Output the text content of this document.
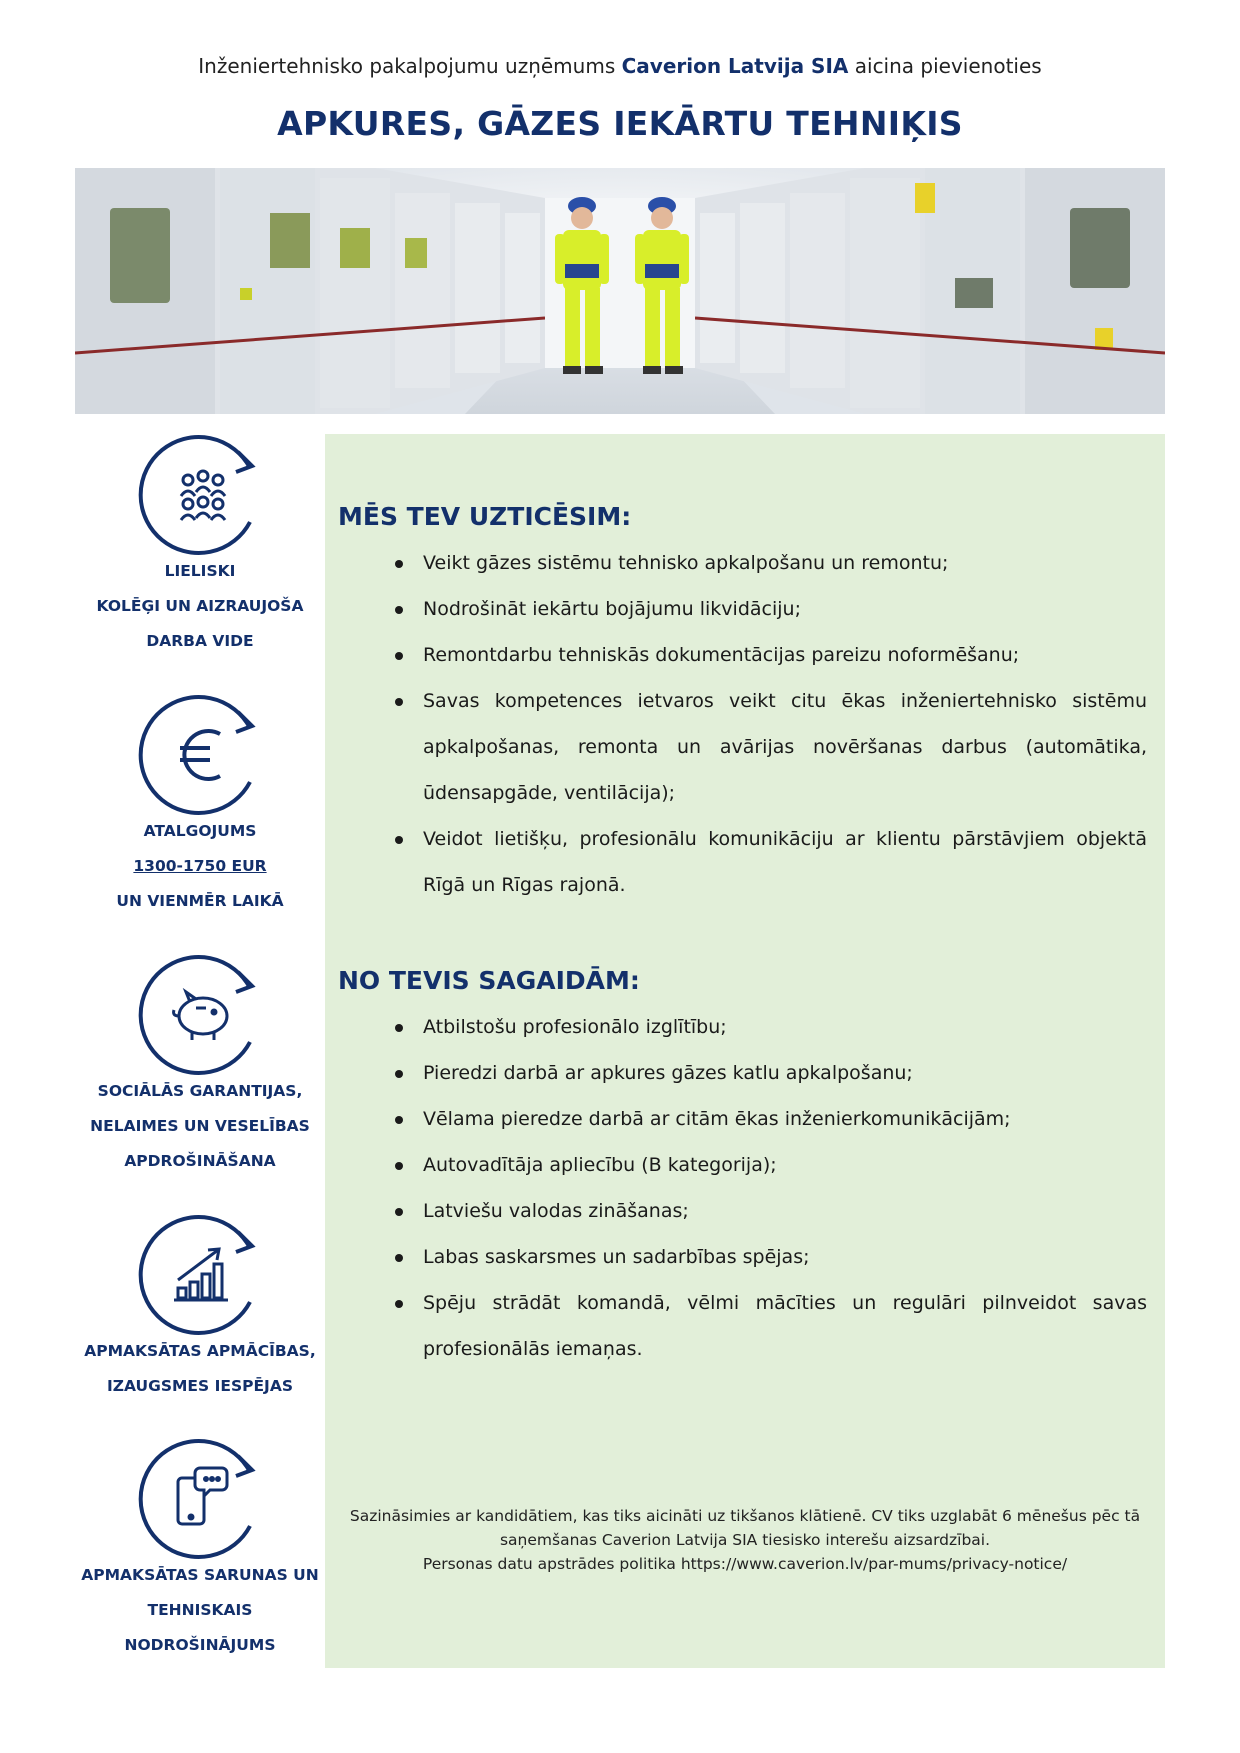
Inženiertehnisko pakalpojumu uzņēmums Caverion Latvija SIA aicina pievienoties
APKURES, GĀZES IEKĀRTU TEHNIĶIS
LIELISKI
KOLĒĢI UN AIZRAUJOŠA
DARBA VIDE
ATALGOJUMS
1300-1750 EUR
UN VIENMĒR LAIKĀ
SOCIĀLĀS GARANTIJAS,
NELAIMES UN VESELĪBAS
APDROŠINĀŠANA
APMAKSĀTAS APMĀCĪBAS,
IZAUGSMES IESPĒJAS
APMAKSĀTAS SARUNAS UN
TEHNISKAIS
NODROŠINĀJUMS
MĒS TEV UZTICĒSIM:
Veikt gāzes sistēmu tehnisko apkalpošanu un remontu;
Nodrošināt iekārtu bojājumu likvidāciju;
Remontdarbu tehniskās dokumentācijas pareizu noformēšanu;
Savas kompetences ietvaros veikt citu ēkas inženiertehnisko sistēmu apkalpošanas, remonta un avārijas novēršanas darbus (automātika, ūdensapgāde, ventilācija);
Veidot lietišķu, profesionālu komunikāciju ar klientu pārstāvjiem objektā Rīgā un Rīgas rajonā.
NO TEVIS SAGAIDĀM:
Atbilstošu profesionālo izglītību;
Pieredzi darbā ar apkures gāzes katlu apkalpošanu;
Vēlama pieredze darbā ar citām ēkas inženierkomunikācijām;
Autovadītāja apliecību (B kategorija);
Latviešu valodas zināšanas;
Labas saskarsmes un sadarbības spējas;
Spēju strādāt komandā, vēlmi mācīties un regulāri pilnveidot savas profesionālās iemaņas.
Sazināsimies ar kandidātiem, kas tiks aicināti uz tikšanos klātienē. CV tiks uzglabāt 6 mēnešus pēc tā
saņemšanas Caverion Latvija SIA tiesisko interešu aizsardzībai.
Personas datu apstrādes politika https://www.caverion.lv/par-mums/privacy-notice/
